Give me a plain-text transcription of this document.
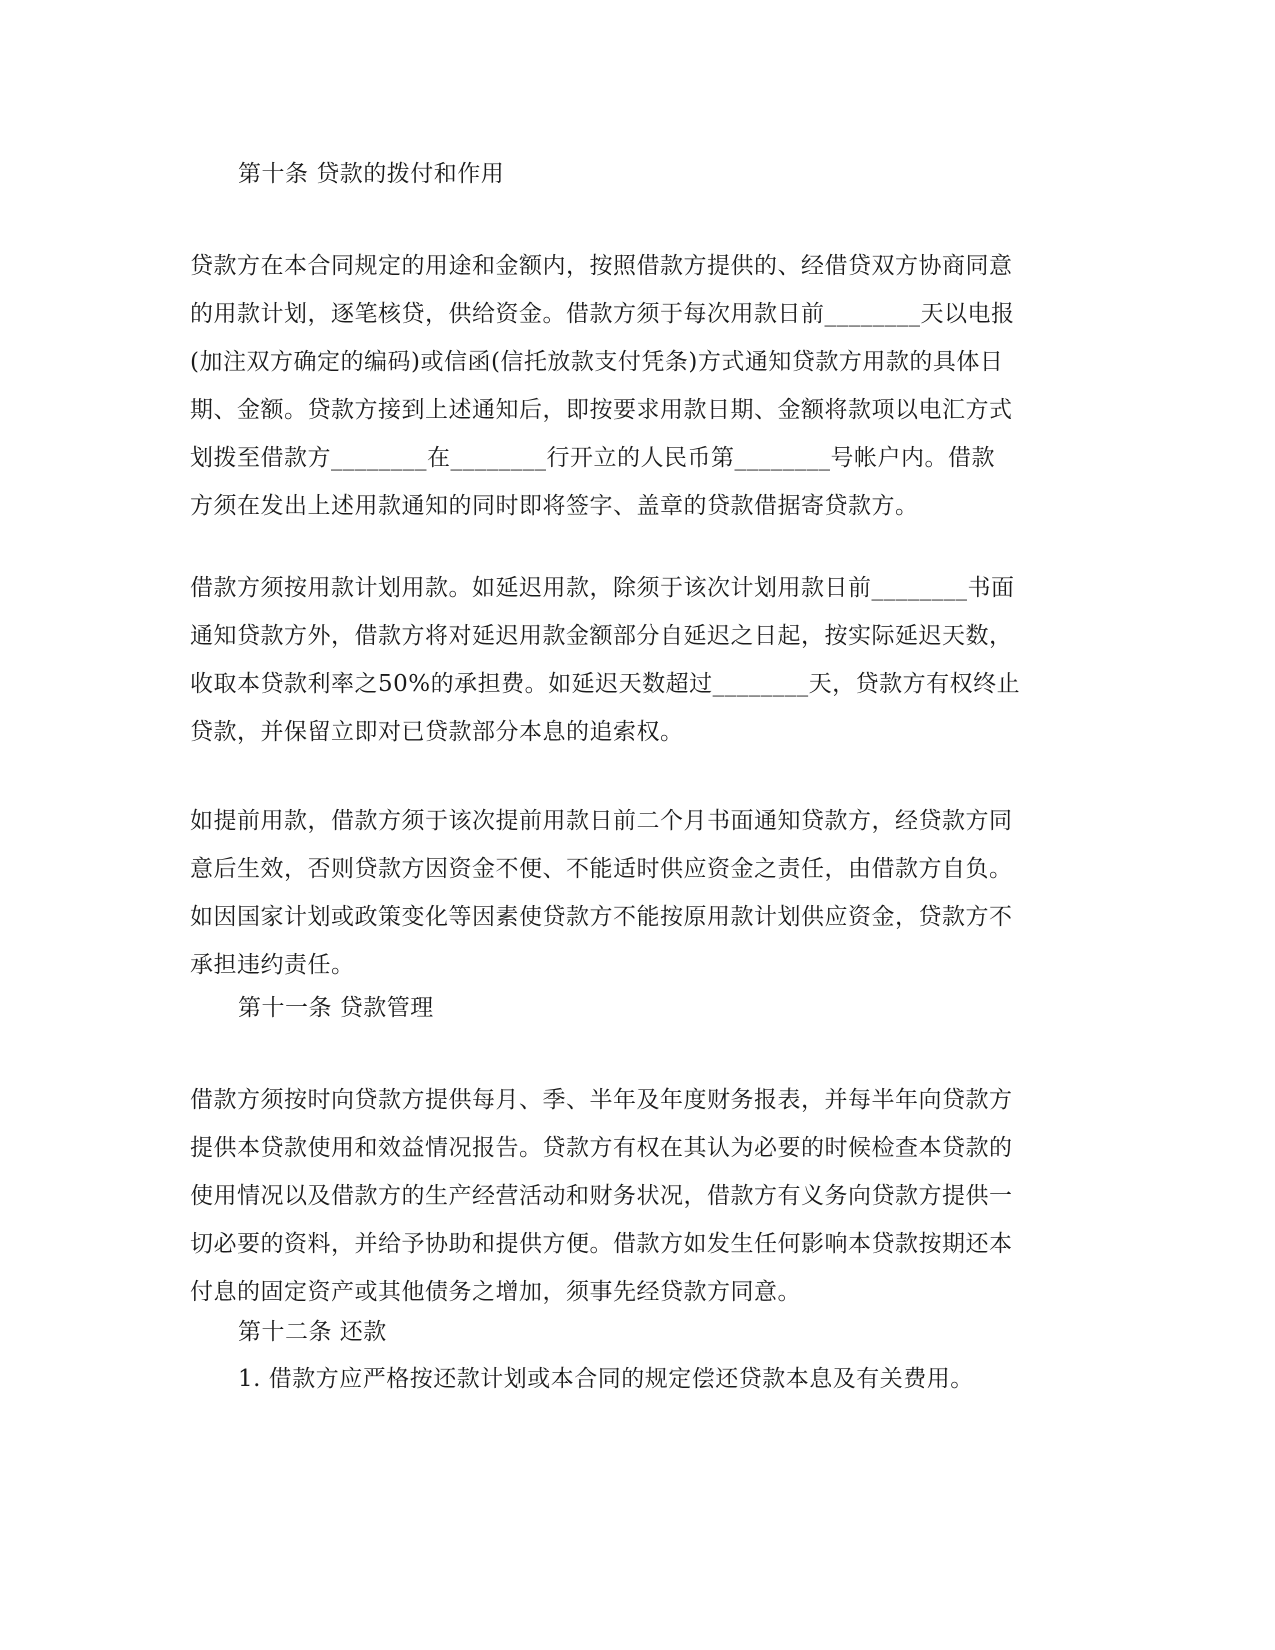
第十条 贷款的拨付和作用

贷款方在本合同规定的用途和金额内，按照借款方提供的、经借贷双方协商同意
的用款计划，逐笔核贷，供给资金。借款方须于每次用款日前________天以电报
(加注双方确定的编码)或信函(信托放款支付凭条)方式通知贷款方用款的具体日
期、金额。贷款方接到上述通知后，即按要求用款日期、金额将款项以电汇方式
划拨至借款方________在________行开立的人民币第________号帐户内。借款
方须在发出上述用款通知的同时即将签字、盖章的贷款借据寄贷款方。

借款方须按用款计划用款。如延迟用款，除须于该次计划用款日前________书面
通知贷款方外，借款方将对延迟用款金额部分自延迟之日起，按实际延迟天数，
收取本贷款利率之50%的承担费。如延迟天数超过________天，贷款方有权终止
贷款，并保留立即对已贷款部分本息的追索权。

如提前用款，借款方须于该次提前用款日前二个月书面通知贷款方，经贷款方同
意后生效，否则贷款方因资金不便、不能适时供应资金之责任，由借款方自负。
如因国家计划或政策变化等因素使贷款方不能按原用款计划供应资金，贷款方不
承担违约责任。

第十一条 贷款管理

借款方须按时向贷款方提供每月、季、半年及年度财务报表，并每半年向贷款方
提供本贷款使用和效益情况报告。贷款方有权在其认为必要的时候检查本贷款的
使用情况以及借款方的生产经营活动和财务状况，借款方有义务向贷款方提供一
切必要的资料，并给予协助和提供方便。借款方如发生任何影响本贷款按期还本
付息的固定资产或其他债务之增加，须事先经贷款方同意。

第十二条 还款

1. 借款方应严格按还款计划或本合同的规定偿还贷款本息及有关费用。
